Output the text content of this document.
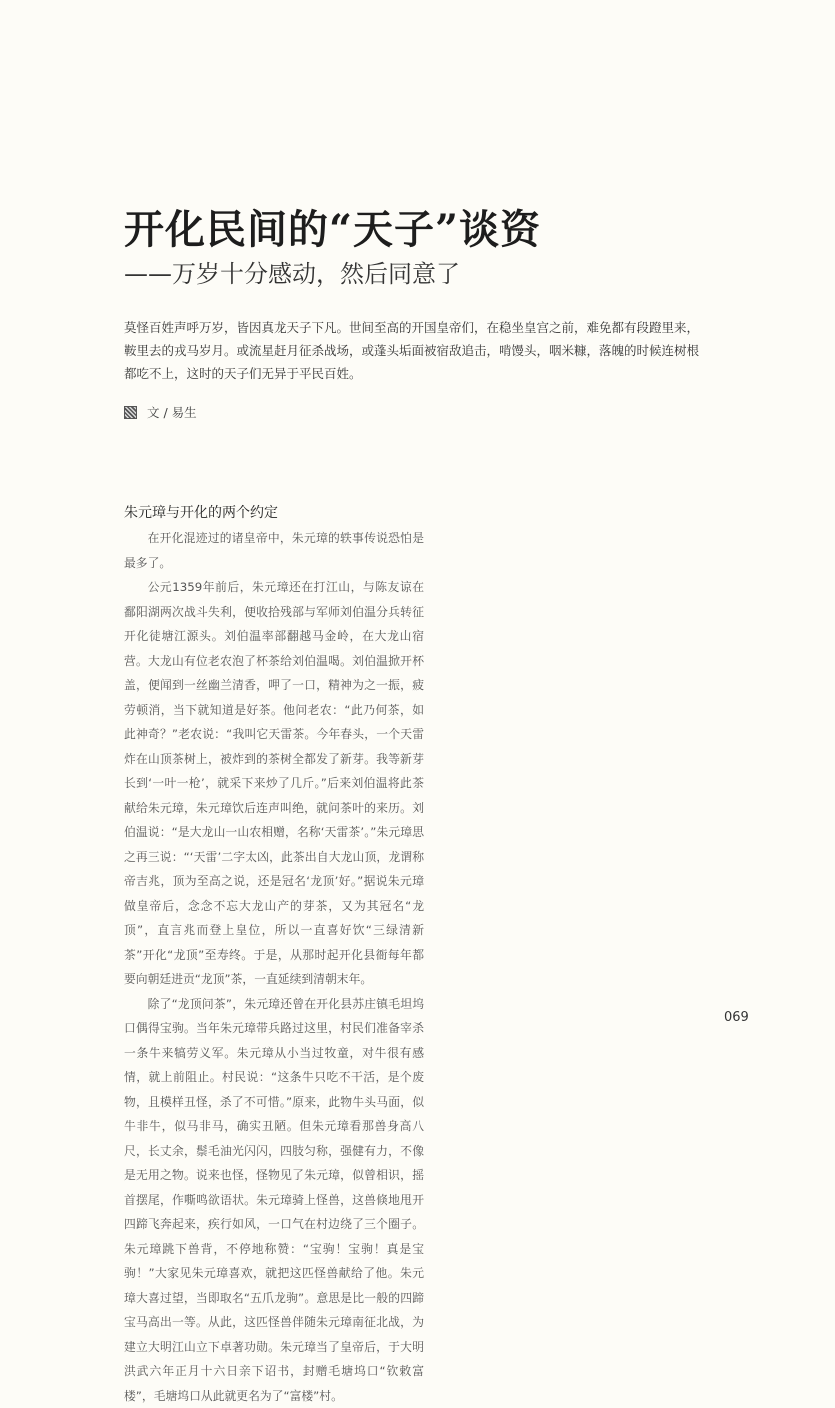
开化民间的“天子”谈资
——万岁十分感动，然后同意了

莫怪百姓声呼万岁，皆因真龙天子下凡。世间至高的开国皇帝们，在稳坐皇宫之前，难免都有段蹬里来，鞍里去的戎马岁月。或流星赶月征杀战场，或蓬头垢面被宿敌追击，啃馒头，咽米糠，落魄的时候连树根都吃不上，这时的天子们无异于平民百姓。

文 / 易生
朱元璋与开化的两个约定

在开化混迹过的诸皇帝中，朱元璋的轶事传说恐怕是最多了。

公元1359年前后，朱元璋还在打江山，与陈友谅在鄱阳湖两次战斗失利，便收拾残部与军师刘伯温分兵转征开化徒塘江源头。刘伯温率部翻越马金岭，在大龙山宿营。大龙山有位老农泡了杯茶给刘伯温喝。刘伯温掀开杯盖，便闻到一丝幽兰清香，呷了一口，精神为之一振，疲劳顿消，当下就知道是好茶。他问老农：“此乃何茶，如此神奇？”老农说：“我叫它天雷茶。今年春头，一个天雷炸在山顶茶树上，被炸到的茶树全都发了新芽。我等新芽长到‘一叶一枪’，就采下来炒了几斤。”后来刘伯温将此茶献给朱元璋，朱元璋饮后连声叫绝，就问茶叶的来历。刘伯温说：“是大龙山一山农相赠，名称‘天雷茶’。”朱元璋思之再三说：“‘天雷’二字太凶，此茶出自大龙山顶，龙谓称帝吉兆，顶为至高之说，还是冠名‘龙顶’好。”据说朱元璋做皇帝后，念念不忘大龙山产的芽茶，又为其冠名“龙顶”，直言兆而登上皇位，所以一直喜好饮“三绿清新茶”开化“龙顶”至寿终。于是，从那时起开化县衙每年都要向朝廷进贡“龙顶”茶，一直延续到清朝末年。

除了“龙顶问茶”，朱元璋还曾在开化县苏庄镇毛坦坞口偶得宝驹。当年朱元璋带兵路过这里，村民们准备宰杀一条牛来犒劳义军。朱元璋从小当过牧童，对牛很有感情，就上前阻止。村民说：“这条牛只吃不干活，是个废物，且模样丑怪，杀了不可惜。”原来，此物牛头马面，似牛非牛，似马非马，确实丑陋。但朱元璋看那兽身高八尺，长丈余，鬃毛油光闪闪，四肢匀称，强健有力，不像是无用之物。说来也怪，怪物见了朱元璋，似曾相识，摇首摆尾，作嘶鸣欲语状。朱元璋骑上怪兽，这兽倏地甩开四蹄飞奔起来，疾行如风，一口气在村边绕了三个圈子。朱元璋跳下兽背，不停地称赞：“宝驹！宝驹！真是宝驹！”大家见朱元璋喜欢，就把这匹怪兽献给了他。朱元璋大喜过望，当即取名“五爪龙驹”。意思是比一般的四蹄宝马高出一等。从此，这匹怪兽伴随朱元璋南征北战，为建立大明江山立下卓著功勋。朱元璋当了皇帝后，于大明洪武六年正月十六日亲下诏书，封赠毛塘坞口“钦敕富楼”，毛塘坞口从此就更名为了“富楼”村。

069
